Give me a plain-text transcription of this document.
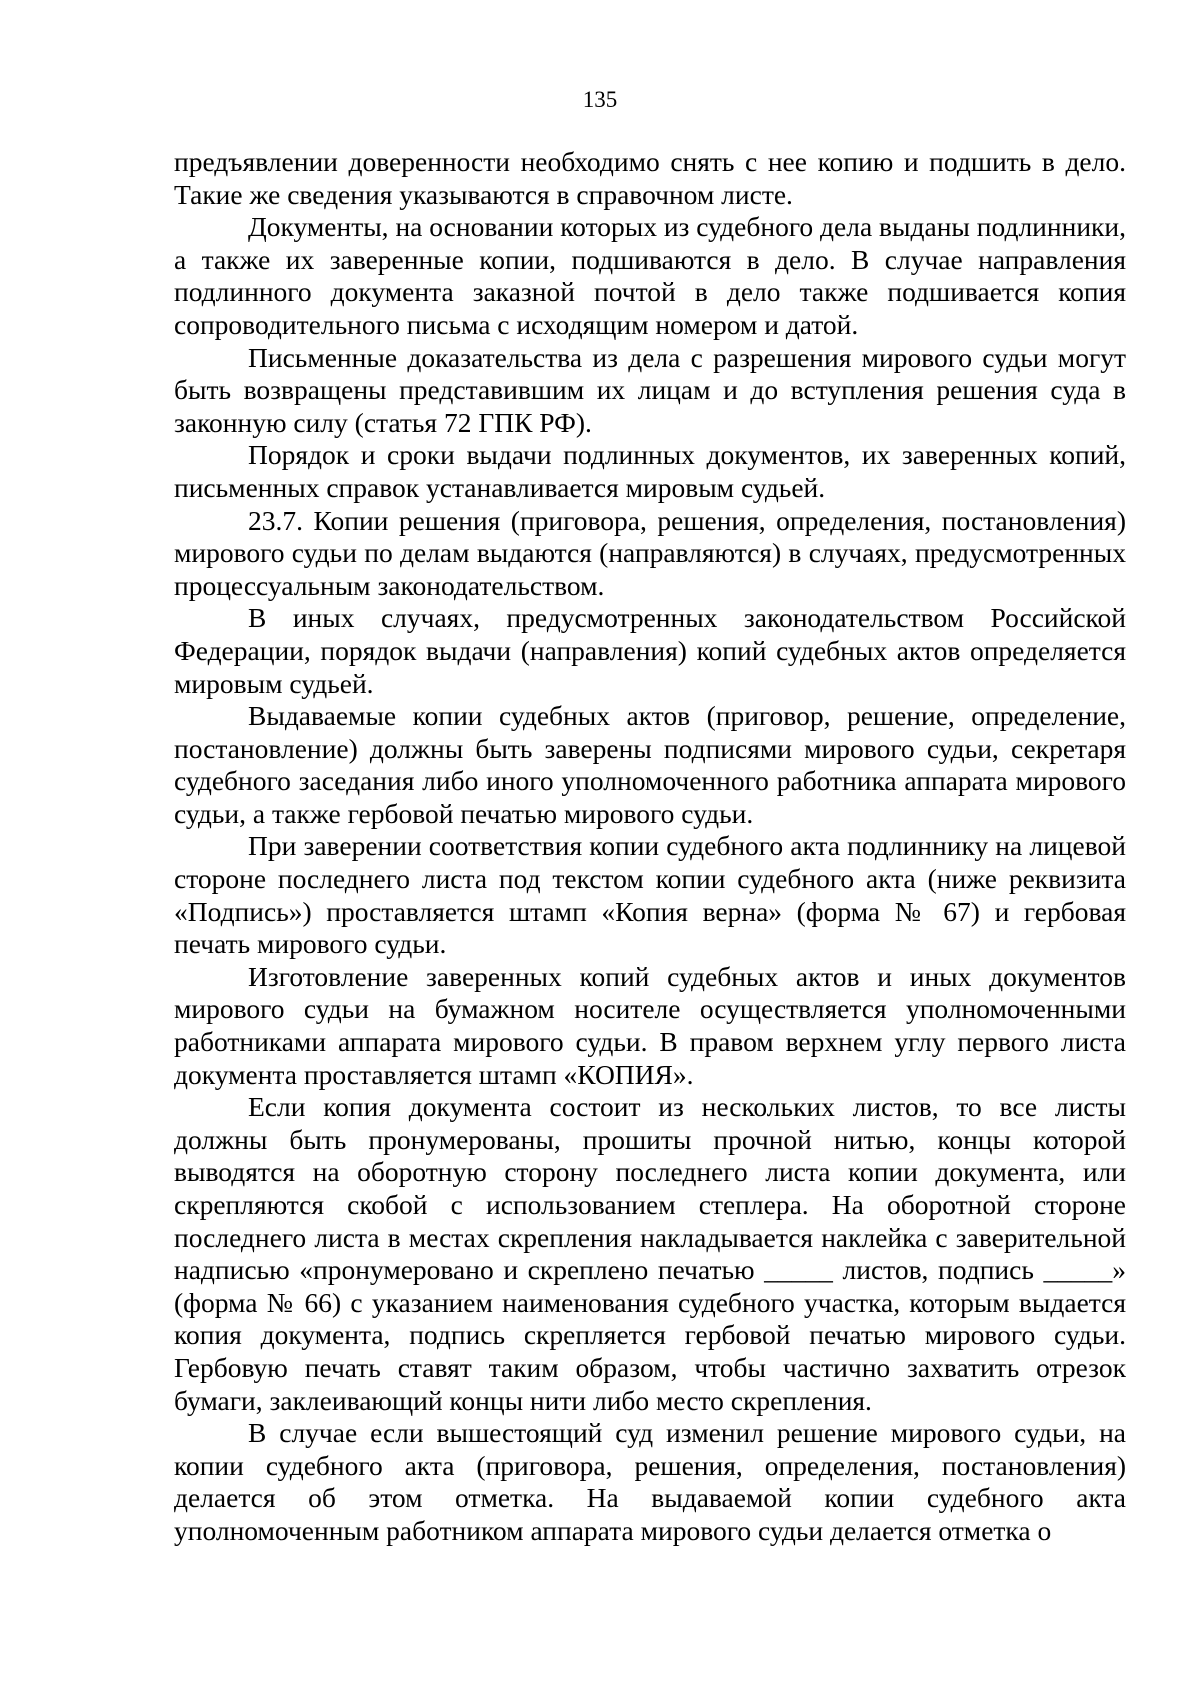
135

предъявлении доверенности необходимо снять с нее копию и подшить в дело. Такие же сведения указываются в справочном листе.

Документы, на основании которых из судебного дела выданы подлинники, а также их заверенные копии, подшиваются в дело. В случае направления подлинного документа заказной почтой в дело также подшивается копия сопроводительного письма с исходящим номером и датой.

Письменные доказательства из дела с разрешения мирового судьи могут быть возвращены представившим их лицам и до вступления решения суда в законную силу (статья 72 ГПК РФ).

Порядок и сроки выдачи подлинных документов, их заверенных копий, письменных справок устанавливается мировым судьей.

23.7. Копии решения (приговора, решения, определения, постановления) мирового судьи по делам выдаются (направляются) в случаях, предусмотренных процессуальным законодательством.

В иных случаях, предусмотренных законодательством Российской Федерации, порядок выдачи (направления) копий судебных актов определяется мировым судьей.

Выдаваемые копии судебных актов (приговор, решение, определение, постановление) должны быть заверены подписями мирового судьи, секретаря судебного заседания либо иного уполномоченного работника аппарата мирового судьи, а также гербовой печатью мирового судьи.

При заверении соответствия копии судебного акта подлиннику на лицевой стороне последнего листа под текстом копии судебного акта (ниже реквизита «Подпись») проставляется штамп «Копия верна» (форма № 67) и гербовая печать мирового судьи.

Изготовление заверенных копий судебных актов и иных документов мирового судьи на бумажном носителе осуществляется уполномоченными работниками аппарата мирового судьи. В правом верхнем углу первого листа документа проставляется штамп «КОПИЯ».

Если копия документа состоит из нескольких листов, то все листы должны быть пронумерованы, прошиты прочной нитью, концы которой выводятся на оборотную сторону последнего листа копии документа, или скрепляются скобой с использованием степлера. На оборотной стороне последнего листа в местах скрепления накладывается наклейка с заверительной надписью «пронумеровано и скреплено печатью _____ листов, подпись _____» (форма № 66) с указанием наименования судебного участка, которым выдается копия документа, подпись скрепляется гербовой печатью мирового судьи. Гербовую печать ставят таким образом, чтобы частично захватить отрезок бумаги, заклеивающий концы нити либо место скрепления.

В случае если вышестоящий суд изменил решение мирового судьи, на копии судебного акта (приговора, решения, определения, постановления) делается об этом отметка. На выдаваемой копии судебного акта уполномоченным работником аппарата мирового судьи делается отметка о
